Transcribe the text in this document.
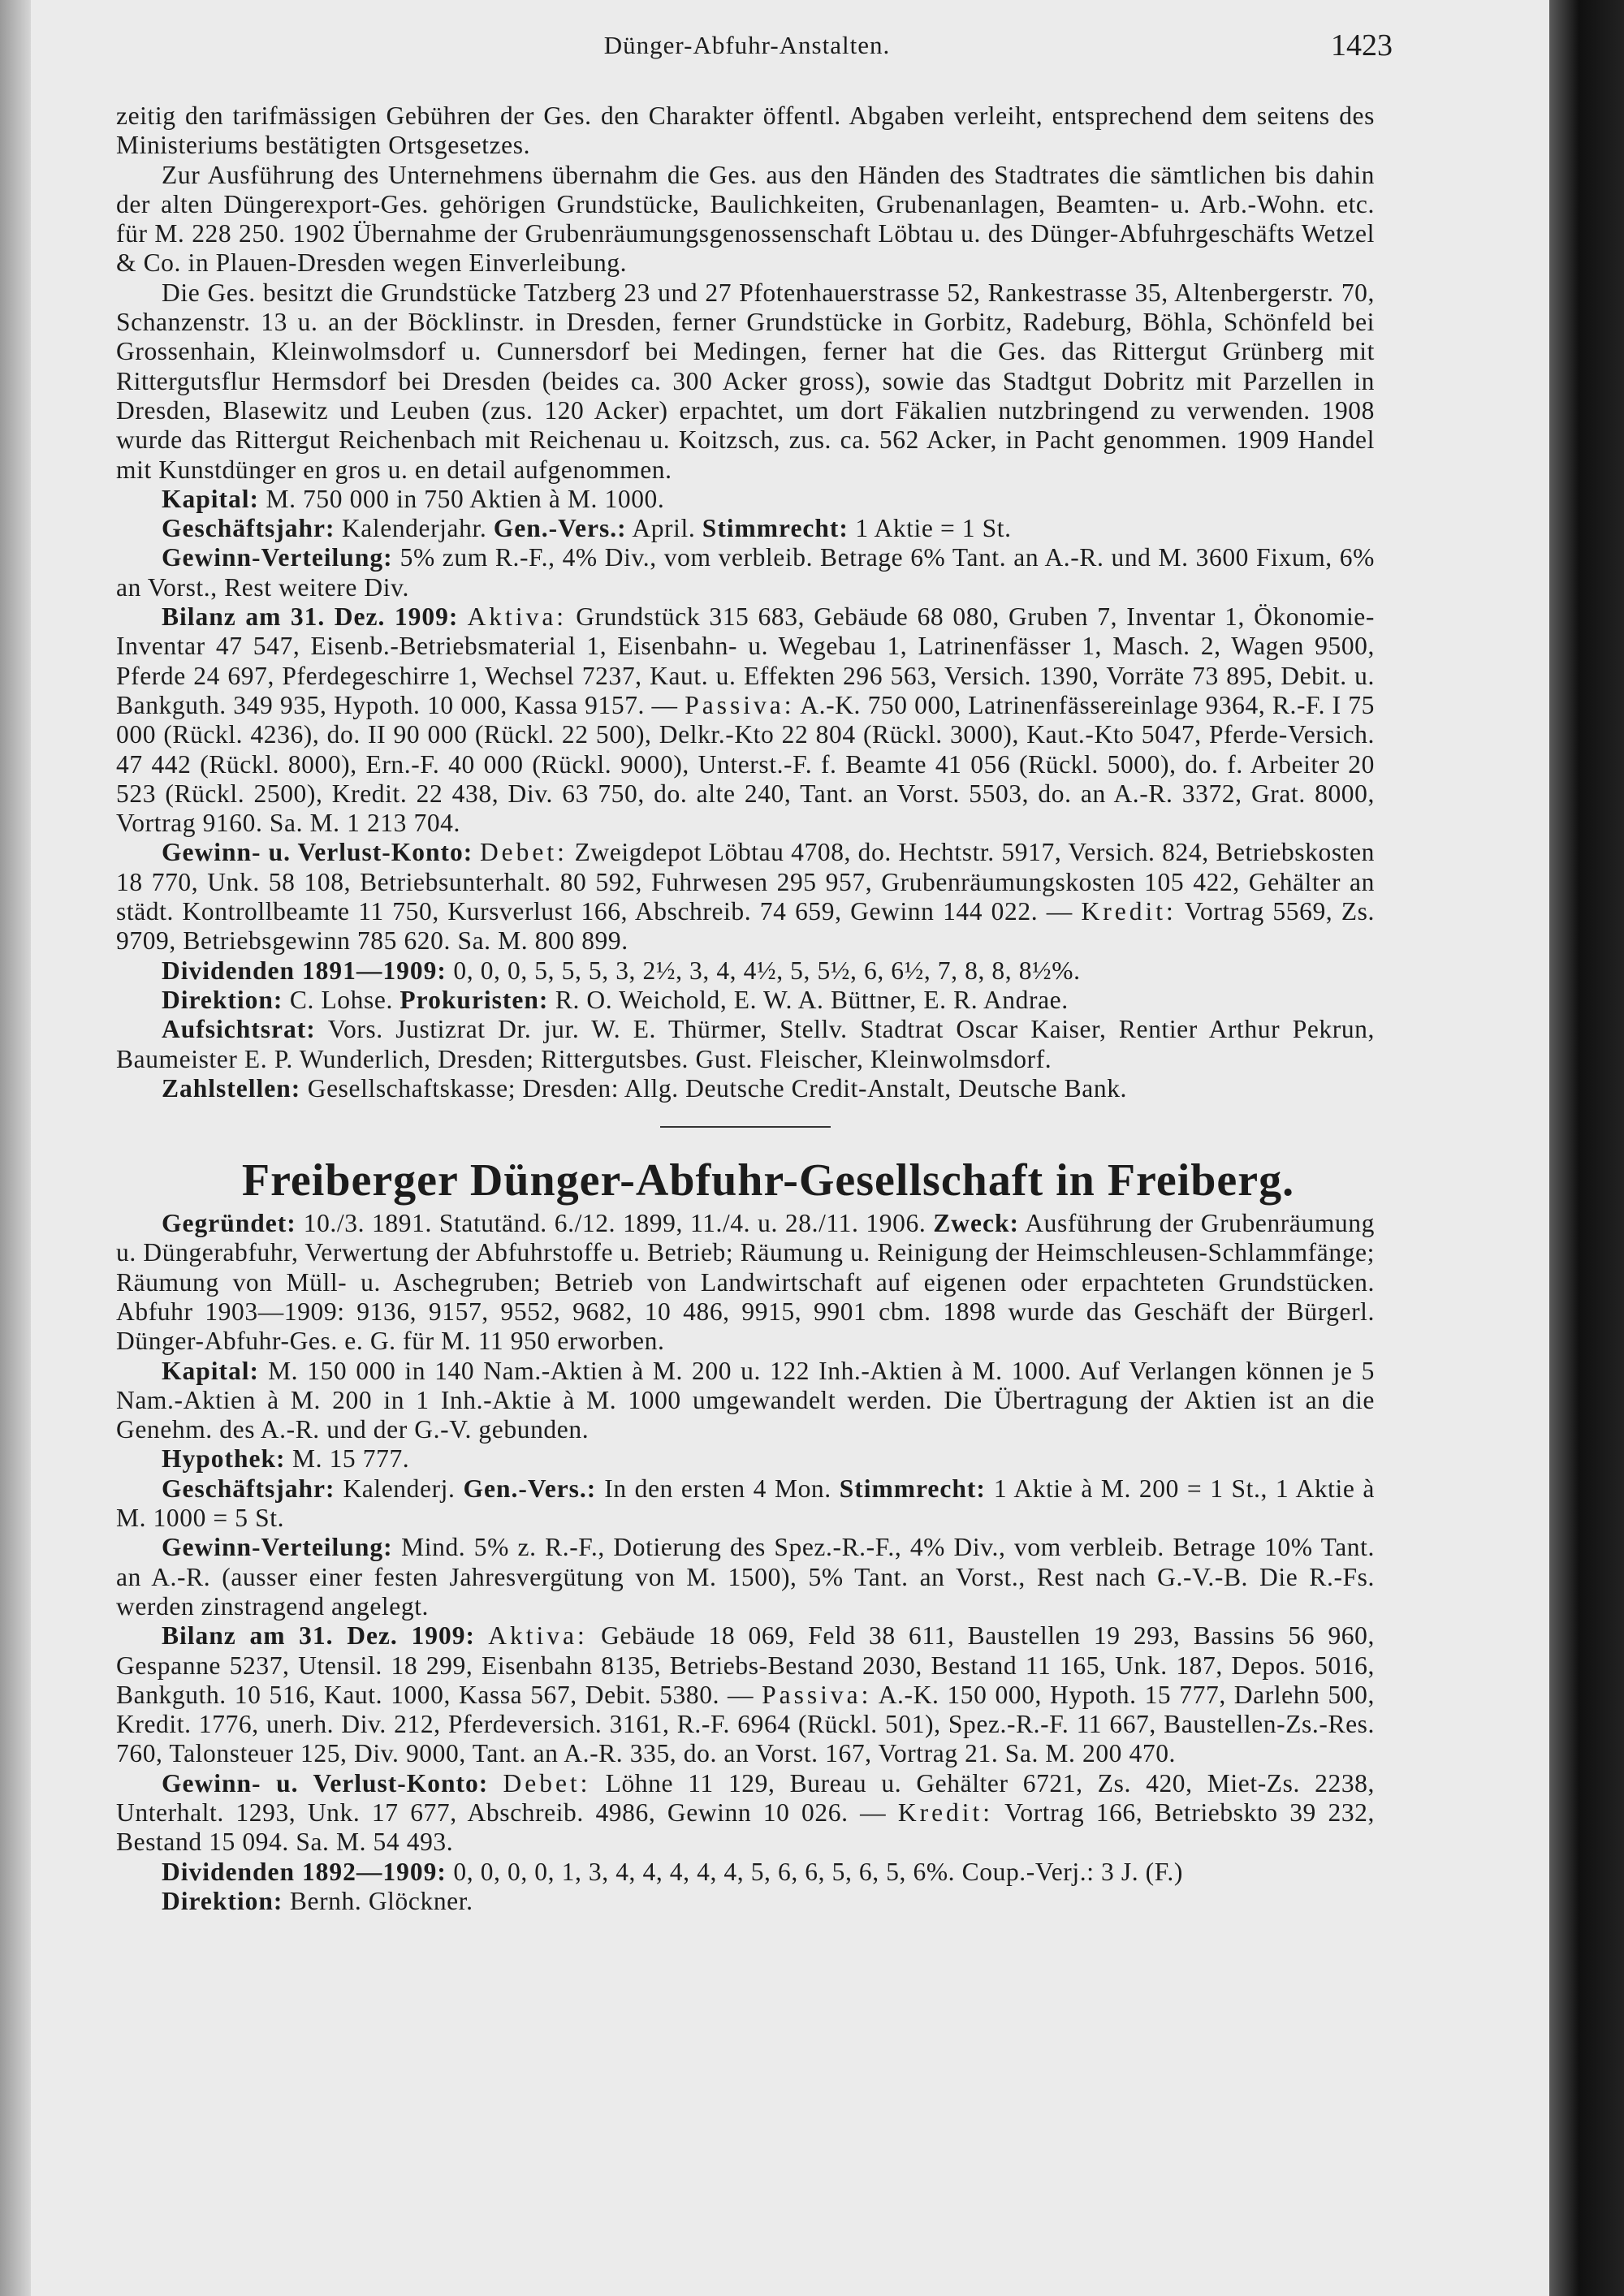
Dünger-Abfuhr-Anstalten.	1423

zeitig den tarifmässigen Gebühren der Ges. den Charakter öffentl. Abgaben verleiht, entsprechend dem seitens des Ministeriums bestätigten Ortsgesetzes.

Zur Ausführung des Unternehmens übernahm die Ges. aus den Händen des Stadtrates die sämtlichen bis dahin der alten Düngerexport-Ges. gehörigen Grundstücke, Baulichkeiten, Grubenanlagen, Beamten- u. Arb.-Wohn. etc. für M. 228 250. 1902 Übernahme der Grubenräumungsgenossenschaft Löbtau u. des Dünger-Abfuhrgeschäfts Wetzel & Co. in Plauen-Dresden wegen Einverleibung.

Die Ges. besitzt die Grundstücke Tatzberg 23 und 27 Pfotenhauerstrasse 52, Rankestrasse 35, Altenbergerstr. 70, Schanzenstr. 13 u. an der Böcklinstr. in Dresden, ferner Grundstücke in Gorbitz, Radeburg, Böhla, Schönfeld bei Grossenhain, Kleinwolmsdorf u. Cunnersdorf bei Medingen, ferner hat die Ges. das Rittergut Grünberg mit Rittergutsflur Hermsdorf bei Dresden (beides ca. 300 Acker gross), sowie das Stadtgut Dobritz mit Parzellen in Dresden, Blasewitz und Leuben (zus. 120 Acker) erpachtet, um dort Fäkalien nutzbringend zu verwenden. 1908 wurde das Rittergut Reichenbach mit Reichenau u. Koitzsch, zus. ca. 562 Acker, in Pacht genommen. 1909 Handel mit Kunstdünger en gros u. en detail aufgenommen.

Kapital: M. 750 000 in 750 Aktien à M. 1000.

Geschäftsjahr: Kalenderjahr. Gen.-Vers.: April. Stimmrecht: 1 Aktie = 1 St.

Gewinn-Verteilung: 5% zum R.-F., 4% Div., vom verbleib. Betrage 6% Tant. an A.-R. und M. 3600 Fixum, 6% an Vorst., Rest weitere Div.

Bilanz am 31. Dez. 1909: Aktiva: Grundstück 315 683, Gebäude 68 080, Gruben 7, Inventar 1, Ökonomie-Inventar 47 547, Eisenb.-Betriebsmaterial 1, Eisenbahn- u. Wegebau 1, Latrinenfässer 1, Masch. 2, Wagen 9500, Pferde 24 697, Pferdegeschirre 1, Wechsel 7237, Kaut. u. Effekten 296 563, Versich. 1390, Vorräte 73 895, Debit. u. Bankguth. 349 935, Hypoth. 10 000, Kassa 9157. — Passiva: A.-K. 750 000, Latrinenfässereinlage 9364, R.-F. I 75 000 (Rückl. 4236), do. II 90 000 (Rückl. 22 500), Delkr.-Kto 22 804 (Rückl. 3000), Kaut.-Kto 5047, Pferde-Versich. 47 442 (Rückl. 8000), Ern.-F. 40 000 (Rückl. 9000), Unterst.-F. f. Beamte 41 056 (Rückl. 5000), do. f. Arbeiter 20 523 (Rückl. 2500), Kredit. 22 438, Div. 63 750, do. alte 240, Tant. an Vorst. 5503, do. an A.-R. 3372, Grat. 8000, Vortrag 9160. Sa. M. 1 213 704.

Gewinn- u. Verlust-Konto: Debet: Zweigdepot Löbtau 4708, do. Hechtstr. 5917, Versich. 824, Betriebskosten 18 770, Unk. 58 108, Betriebsunterhalt. 80 592, Fuhrwesen 295 957, Grubenräumungskosten 105 422, Gehälter an städt. Kontrollbeamte 11 750, Kursverlust 166, Abschreib. 74 659, Gewinn 144 022. — Kredit: Vortrag 5569, Zs. 9709, Betriebsgewinn 785 620. Sa. M. 800 899.

Dividenden 1891—1909: 0, 0, 0, 5, 5, 5, 3, 2½, 3, 4, 4½, 5, 5½, 6, 6½, 7, 8, 8, 8½%.

Direktion: C. Lohse. Prokuristen: R. O. Weichold, E. W. A. Büttner, E. R. Andrae.

Aufsichtsrat: Vors. Justizrat Dr. jur. W. E. Thürmer, Stellv. Stadtrat Oscar Kaiser, Rentier Arthur Pekrun, Baumeister E. P. Wunderlich, Dresden; Rittergutsbes. Gust. Fleischer, Kleinwolmsdorf.

Zahlstellen: Gesellschaftskasse; Dresden: Allg. Deutsche Credit-Anstalt, Deutsche Bank.

Freiberger Dünger-Abfuhr-Gesellschaft in Freiberg.

Gegründet: 10./3. 1891. Statutänd. 6./12. 1899, 11./4. u. 28./11. 1906. Zweck: Ausführung der Grubenräumung u. Düngerabfuhr, Verwertung der Abfuhrstoffe u. Betrieb; Räumung u. Reinigung der Heimschleusen-Schlammfänge; Räumung von Müll- u. Aschegruben; Betrieb von Landwirtschaft auf eigenen oder erpachteten Grundstücken. Abfuhr 1903—1909: 9136, 9157, 9552, 9682, 10 486, 9915, 9901 cbm. 1898 wurde das Geschäft der Bürgerl. Dünger-Abfuhr-Ges. e. G. für M. 11 950 erworben.

Kapital: M. 150 000 in 140 Nam.-Aktien à M. 200 u. 122 Inh.-Aktien à M. 1000. Auf Verlangen können je 5 Nam.-Aktien à M. 200 in 1 Inh.-Aktie à M. 1000 umgewandelt werden. Die Übertragung der Aktien ist an die Genehm. des A.-R. und der G.-V. gebunden.

Hypothek: M. 15 777.

Geschäftsjahr: Kalenderj. Gen.-Vers.: In den ersten 4 Mon. Stimmrecht: 1 Aktie à M. 200 = 1 St., 1 Aktie à M. 1000 = 5 St.

Gewinn-Verteilung: Mind. 5% z. R.-F., Dotierung des Spez.-R.-F., 4% Div., vom verbleib. Betrage 10% Tant. an A.-R. (ausser einer festen Jahresvergütung von M. 1500), 5% Tant. an Vorst., Rest nach G.-V.-B. Die R.-Fs. werden zinstragend angelegt.

Bilanz am 31. Dez. 1909: Aktiva: Gebäude 18 069, Feld 38 611, Baustellen 19 293, Bassins 56 960, Gespanne 5237, Utensil. 18 299, Eisenbahn 8135, Betriebs-Bestand 2030, Bestand 11 165, Unk. 187, Depos. 5016, Bankguth. 10 516, Kaut. 1000, Kassa 567, Debit. 5380. — Passiva: A.-K. 150 000, Hypoth. 15 777, Darlehn 500, Kredit. 1776, unerh. Div. 212, Pferdeversich. 3161, R.-F. 6964 (Rückl. 501), Spez.-R.-F. 11 667, Baustellen-Zs.-Res. 760, Talonsteuer 125, Div. 9000, Tant. an A.-R. 335, do. an Vorst. 167, Vortrag 21. Sa. M. 200 470.

Gewinn- u. Verlust-Konto: Debet: Löhne 11 129, Bureau u. Gehälter 6721, Zs. 420, Miet-Zs. 2238, Unterhalt. 1293, Unk. 17 677, Abschreib. 4986, Gewinn 10 026. — Kredit: Vortrag 166, Betriebskto 39 232, Bestand 15 094. Sa. M. 54 493.

Dividenden 1892—1909: 0, 0, 0, 0, 1, 3, 4, 4, 4, 4, 4, 5, 6, 6, 5, 6, 5, 6%. Coup.-Verj.: 3 J. (F.)

Direktion: Bernh. Glöckner.
